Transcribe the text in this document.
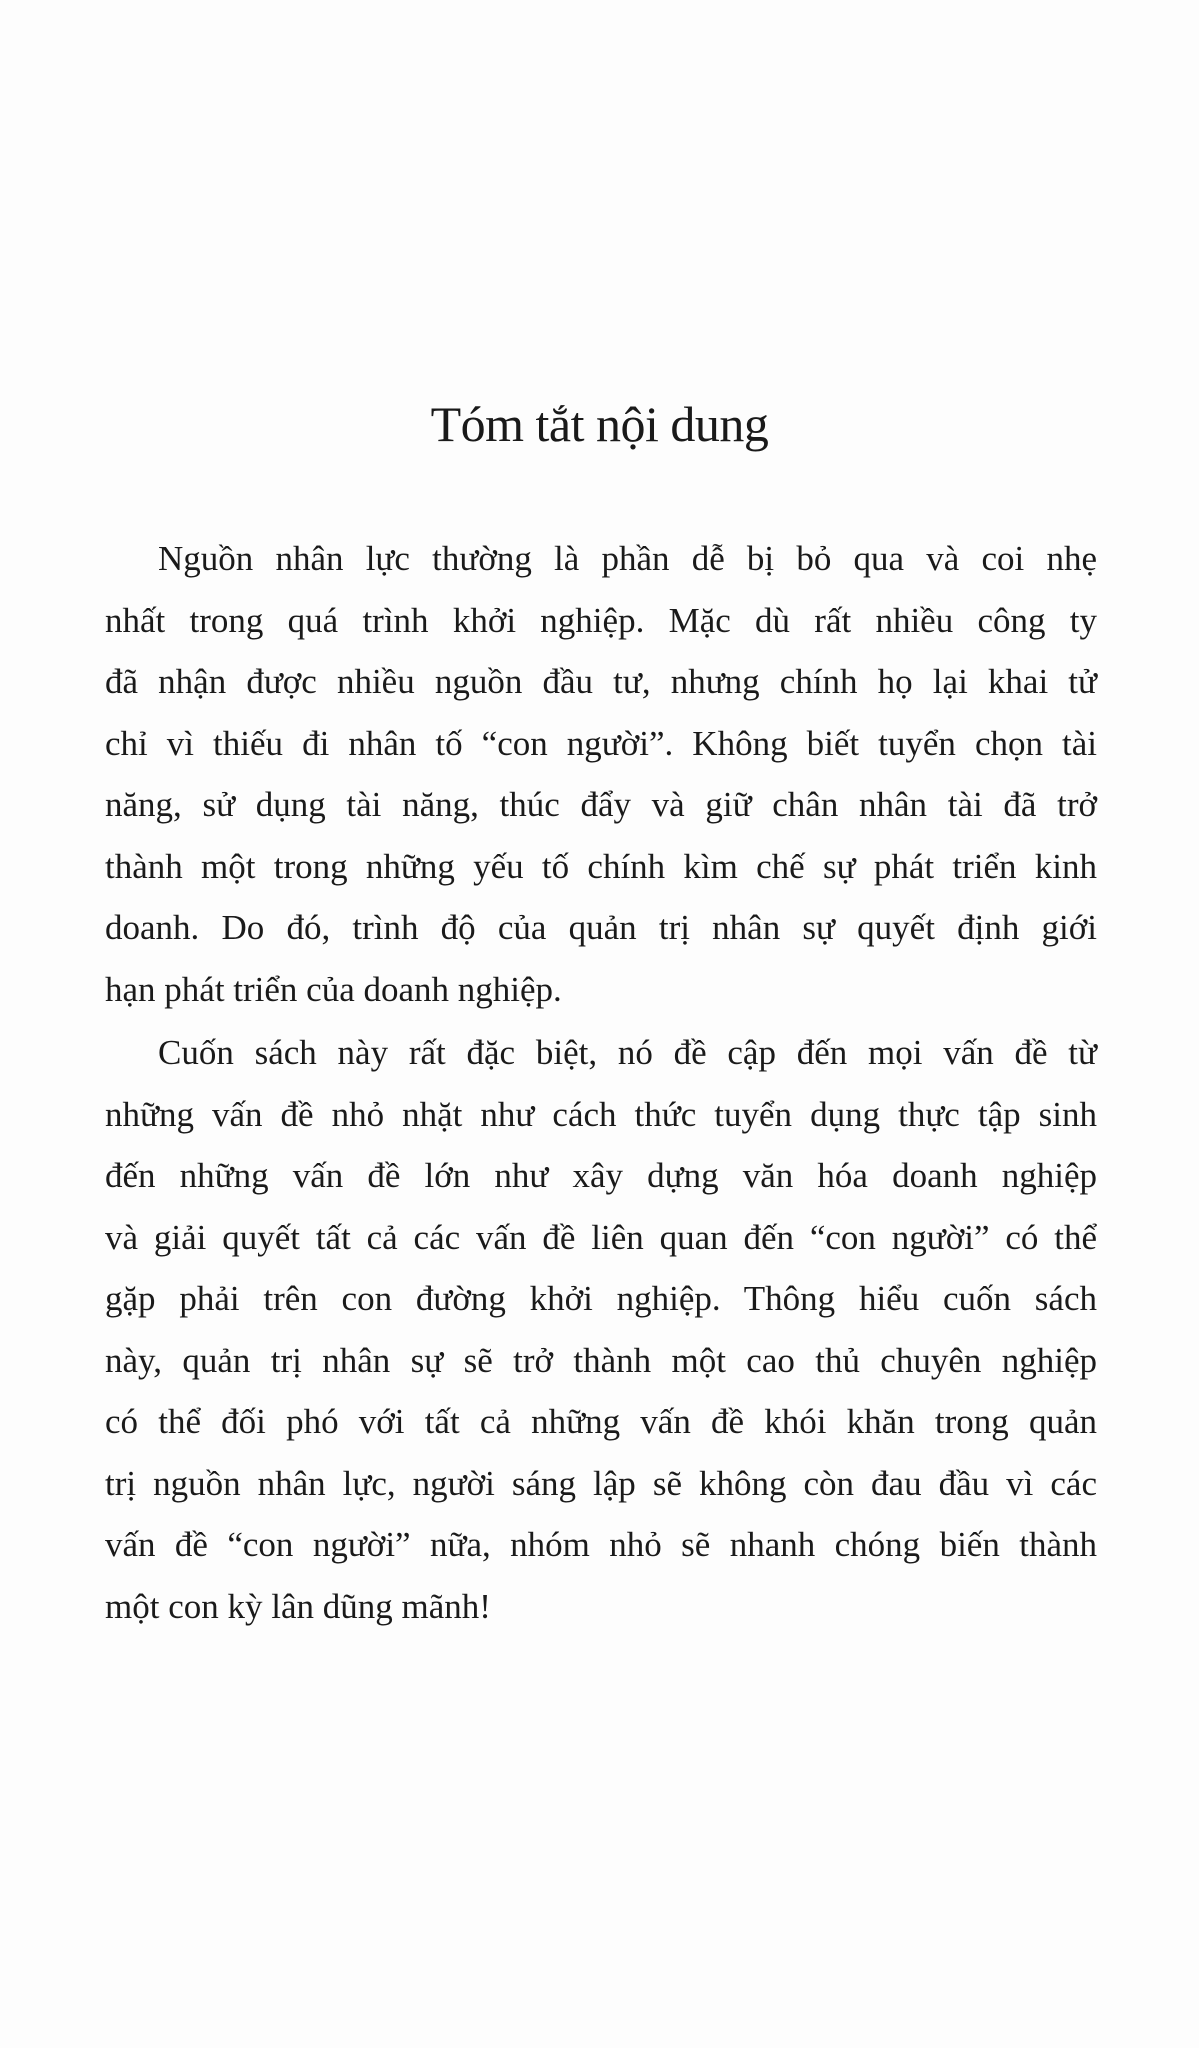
Tóm tắt nội dung
Nguồn nhân lực thường là phần dễ bị bỏ qua và coi nhẹ
nhất trong quá trình khởi nghiệp. Mặc dù rất nhiều công ty
đã nhận được nhiều nguồn đầu tư, nhưng chính họ lại khai tử
chỉ vì thiếu đi nhân tố “con người”. Không biết tuyển chọn tài
năng, sử dụng tài năng, thúc đẩy và giữ chân nhân tài đã trở
thành một trong những yếu tố chính kìm chế sự phát triển kinh
doanh. Do đó, trình độ của quản trị nhân sự quyết định giới
hạn phát triển của doanh nghiệp.
Cuốn sách này rất đặc biệt, nó đề cập đến mọi vấn đề từ
những vấn đề nhỏ nhặt như cách thức tuyển dụng thực tập sinh
đến những vấn đề lớn như xây dựng văn hóa doanh nghiệp
và giải quyết tất cả các vấn đề liên quan đến “con người” có thể
gặp phải trên con đường khởi nghiệp. Thông hiểu cuốn sách
này, quản trị nhân sự sẽ trở thành một cao thủ chuyên nghiệp
có thể đối phó với tất cả những vấn đề khói khăn trong quản
trị nguồn nhân lực, người sáng lập sẽ không còn đau đầu vì các
vấn đề “con người” nữa, nhóm nhỏ sẽ nhanh chóng biến thành
một con kỳ lân dũng mãnh!
